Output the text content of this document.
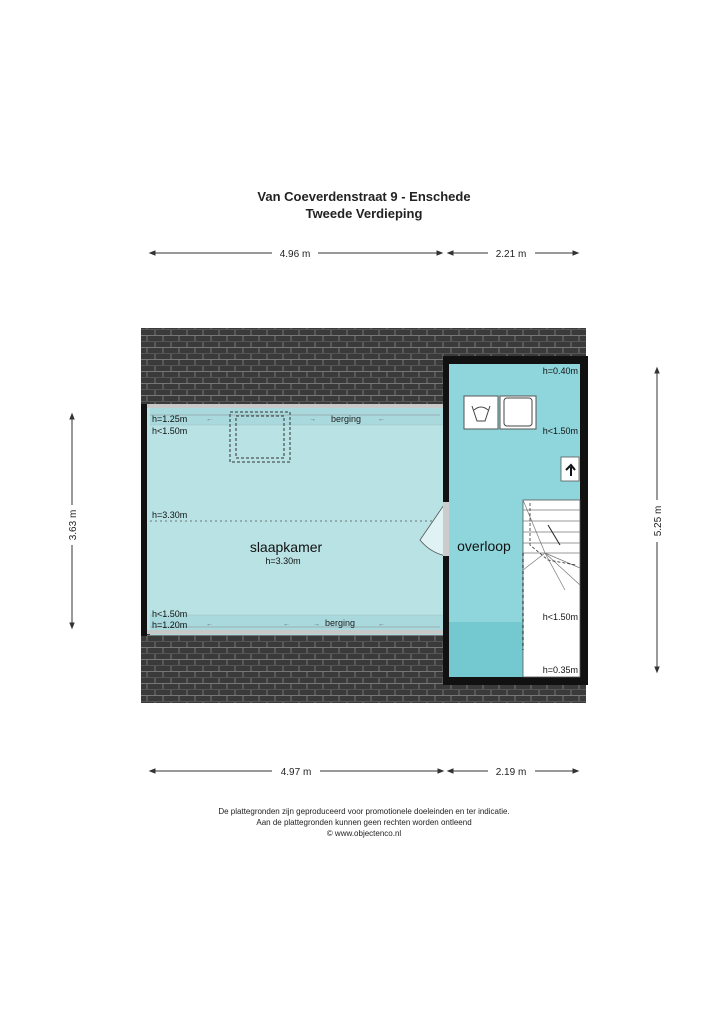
Van Coeverdenstraat 9 - Enschede
Tweede Verdieping
4.96 m	2.21 m
4.97 m	2.19 m
3.63 m	5.25 m
slaapkamer
h=3.30m
overloop
berging
berging
h=1.25m
h<1.50m
h=3.30m
h<1.50m
h=1.20m
h=0.40m
h<1.50m
h<1.50m
h=0.35m
←	→	←
←	←	→	←
De plattegronden zijn geproduceerd voor promotionele doeleinden en ter indicatie.
Aan de plattegronden kunnen geen rechten worden ontleend
© www.objectenco.nl
